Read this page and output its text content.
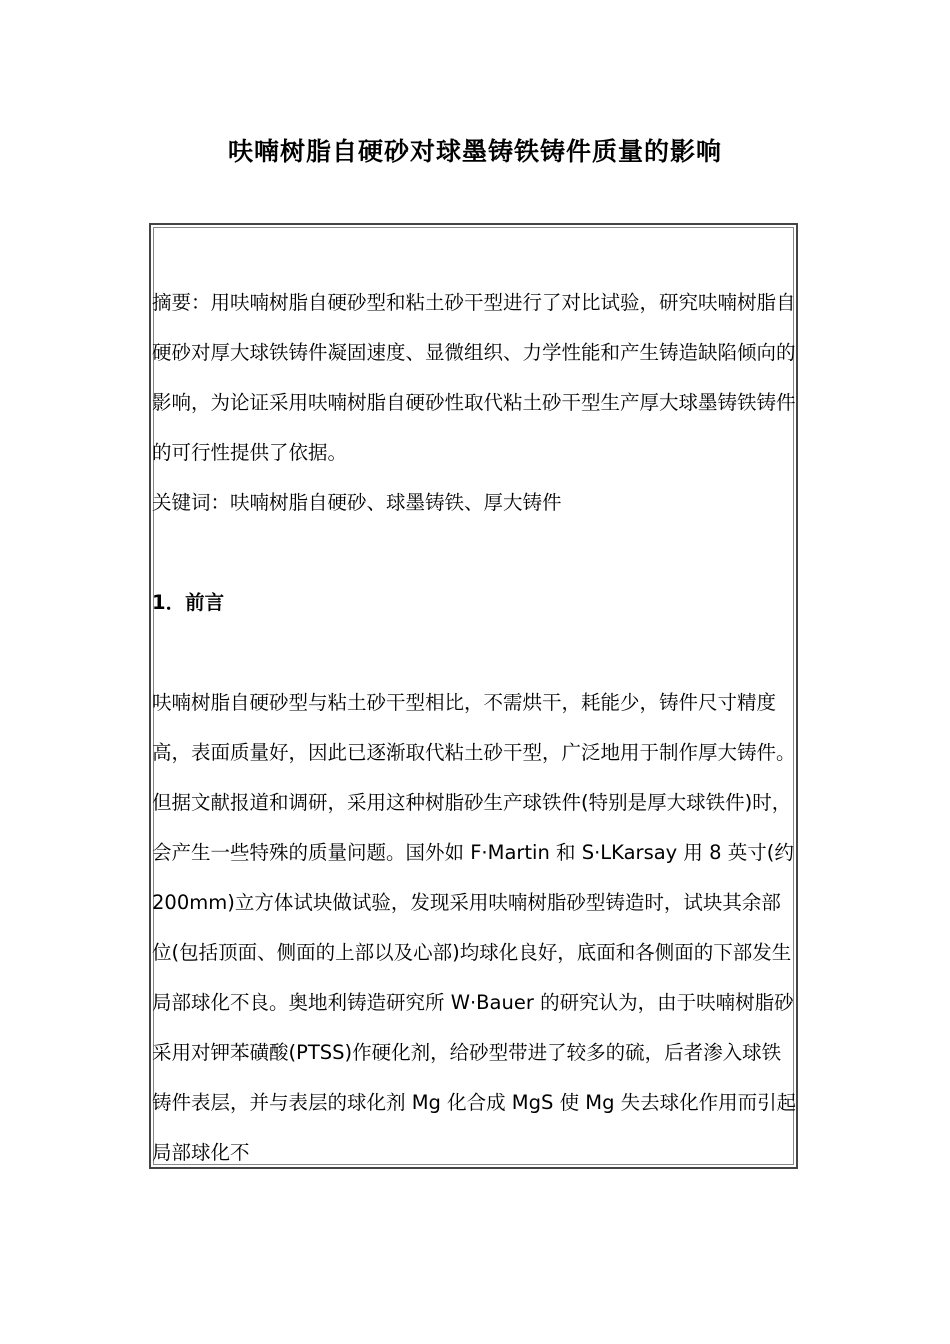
呋喃树脂自硬砂对球墨铸铁铸件质量的影响

摘要：用呋喃树脂自硬砂型和粘土砂干型进行了对比试验，研究呋喃树脂自硬砂对厚大球铁铸件凝固速度、显微组织、力学性能和产生铸造缺陷倾向的影响，为论证采用呋喃树脂自硬砂性取代粘土砂干型生产厚大球墨铸铁铸件的可行性提供了依据。

关键词：呋喃树脂自硬砂、球墨铸铁、厚大铸件

1．前言

呋喃树脂自硬砂型与粘土砂干型相比，不需烘干，耗能少，铸件尺寸精度高，表面质量好，因此已逐渐取代粘土砂干型，广泛地用于制作厚大铸件。但据文献报道和调研，采用这种树脂砂生产球铁件(特别是厚大球铁件)时，会产生一些特殊的质量问题。国外如 F·Martin 和 S·LKarsay 用 8 英寸(约 200mm)立方体试块做试验，发现采用呋喃树脂砂型铸造时，试块其余部位(包括顶面、侧面的上部以及心部)均球化良好，底面和各侧面的下部发生局部球化不良。奥地利铸造研究所 W·Bauer 的研究认为，由于呋喃树脂砂采用对钾苯磺酸(PTSS)作硬化剂，给砂型带进了较多的硫，后者渗入球铁铸件表层，并与表层的球化剂 Mg 化合成 MgS 使 Mg 失去球化作用而引起局部球化不
